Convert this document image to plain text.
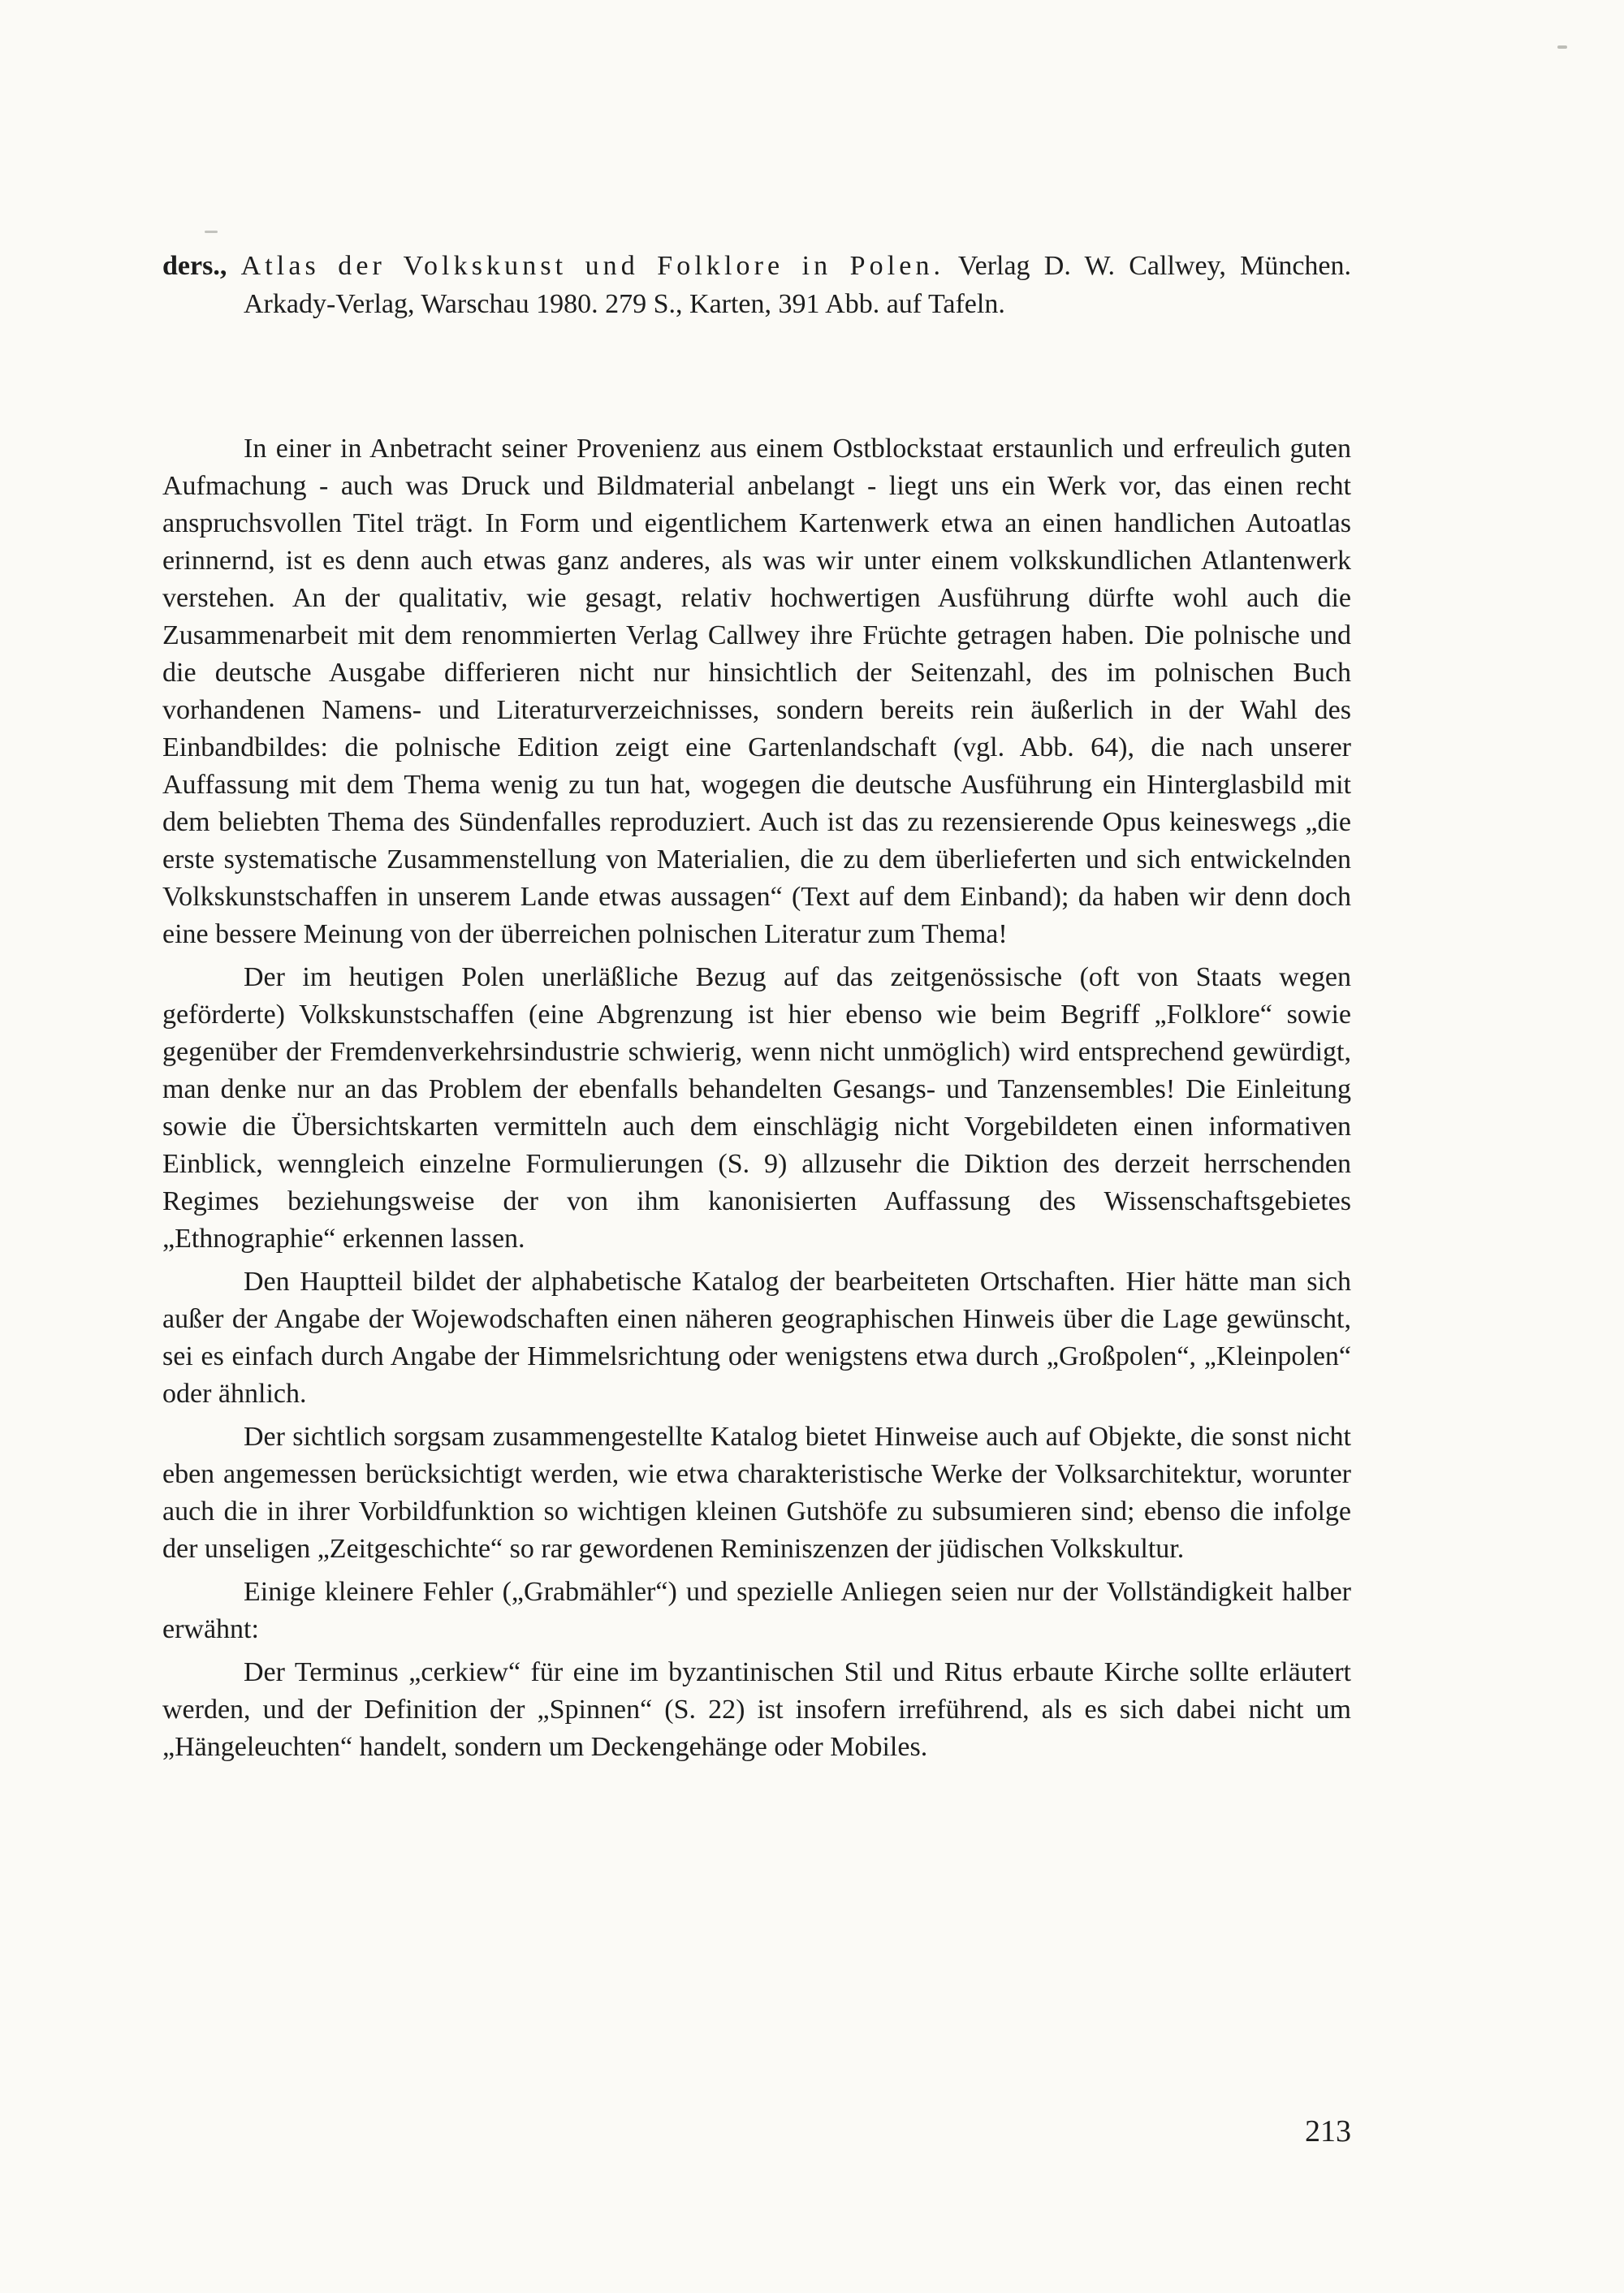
ders., Atlas der Volkskunst und Folklore in Polen. Verlag D. W. Callwey, München. Arkady-Verlag, Warschau 1980. 279 S., Karten, 391 Abb. auf Tafeln.

In einer in Anbetracht seiner Provenienz aus einem Ostblockstaat erstaunlich und erfreulich guten Aufmachung - auch was Druck und Bildmaterial anbelangt - liegt uns ein Werk vor, das einen recht anspruchsvollen Titel trägt. In Form und eigentlichem Kartenwerk etwa an einen handlichen Autoatlas erinnernd, ist es denn auch etwas ganz anderes, als was wir unter einem volkskundlichen Atlantenwerk verstehen. An der qualitativ, wie gesagt, relativ hochwertigen Ausführung dürfte wohl auch die Zusammenarbeit mit dem renommierten Verlag Callwey ihre Früchte getragen haben. Die polnische und die deutsche Ausgabe differieren nicht nur hinsichtlich der Seitenzahl, des im polnischen Buch vorhandenen Namens- und Literaturverzeichnisses, sondern bereits rein äußerlich in der Wahl des Einbandbildes: die polnische Edition zeigt eine Gartenlandschaft (vgl. Abb. 64), die nach unserer Auffassung mit dem Thema wenig zu tun hat, wogegen die deutsche Ausführung ein Hinterglasbild mit dem beliebten Thema des Sündenfalles reproduziert. Auch ist das zu rezensierende Opus keineswegs „die erste systematische Zusammenstellung von Materialien, die zu dem überlieferten und sich entwickelnden Volkskunstschaffen in unserem Lande etwas aussagen“ (Text auf dem Einband); da haben wir denn doch eine bessere Meinung von der überreichen polnischen Literatur zum Thema!

Der im heutigen Polen unerläßliche Bezug auf das zeitgenössische (oft von Staats wegen geförderte) Volkskunstschaffen (eine Abgrenzung ist hier ebenso wie beim Begriff „Folklore“ sowie gegenüber der Fremdenverkehrsindustrie schwierig, wenn nicht unmöglich) wird entsprechend gewürdigt, man denke nur an das Problem der ebenfalls behandelten Gesangs- und Tanzensembles! Die Einleitung sowie die Übersichtskarten vermitteln auch dem einschlägig nicht Vorgebildeten einen informativen Einblick, wenngleich einzelne Formulierungen (S. 9) allzusehr die Diktion des derzeit herrschenden Regimes beziehungsweise der von ihm kanonisierten Auffassung des Wissenschaftsgebietes „Ethnographie“ erkennen lassen.

Den Hauptteil bildet der alphabetische Katalog der bearbeiteten Ortschaften. Hier hätte man sich außer der Angabe der Wojewodschaften einen näheren geographischen Hinweis über die Lage gewünscht, sei es einfach durch Angabe der Himmelsrichtung oder wenigstens etwa durch „Großpolen“, „Kleinpolen“ oder ähnlich.

Der sichtlich sorgsam zusammengestellte Katalog bietet Hinweise auch auf Objekte, die sonst nicht eben angemessen berücksichtigt werden, wie etwa charakteristische Werke der Volksarchitektur, worunter auch die in ihrer Vorbildfunktion so wichtigen kleinen Gutshöfe zu subsumieren sind; ebenso die infolge der unseligen „Zeitgeschichte“ so rar gewordenen Reminiszenzen der jüdischen Volkskultur.

Einige kleinere Fehler („Grabmähler“) und spezielle Anliegen seien nur der Vollständigkeit halber erwähnt:

Der Terminus „cerkiew“ für eine im byzantinischen Stil und Ritus erbaute Kirche sollte erläutert werden, und der Definition der „Spinnen“ (S. 22) ist insofern irreführend, als es sich dabei nicht um „Hängeleuchten“ handelt, sondern um Deckengehänge oder Mobiles.

213
